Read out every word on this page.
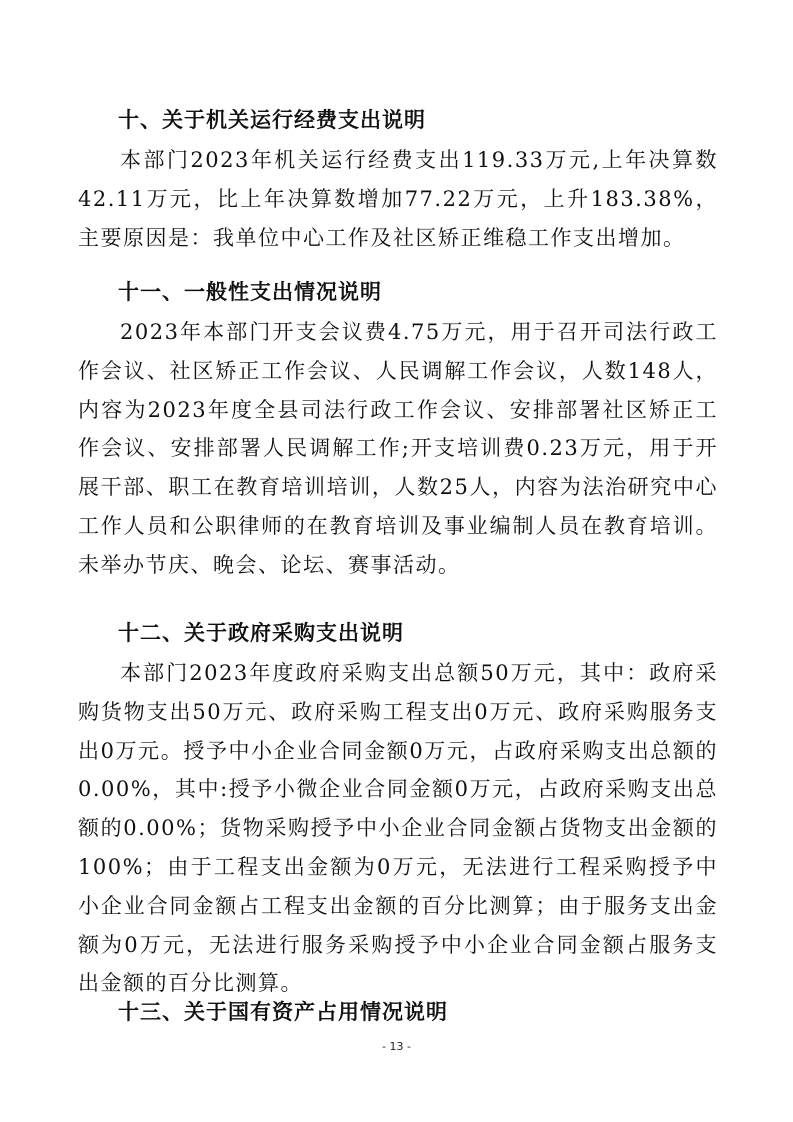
十、关于机关运行经费支出说明

本部门2023年机关运行经费支出119.33万元,上年决算数42.11万元，比上年决算数增加77.22万元，上升183.38%，主要原因是：我单位中心工作及社区矫正维稳工作支出增加。

十一、一般性支出情况说明

2023年本部门开支会议费4.75万元，用于召开司法行政工作会议、社区矫正工作会议、人民调解工作会议，人数148人，内容为2023年度全县司法行政工作会议、安排部署社区矫正工作会议、安排部署人民调解工作;开支培训费0.23万元，用于开展干部、职工在教育培训培训，人数25人，内容为法治研究中心工作人员和公职律师的在教育培训及事业编制人员在教育培训。未举办节庆、晚会、论坛、赛事活动。

十二、关于政府采购支出说明

本部门2023年度政府采购支出总额50万元，其中：政府采购货物支出50万元、政府采购工程支出0万元、政府采购服务支出0万元。授予中小企业合同金额0万元，占政府采购支出总额的0.00%，其中:授予小微企业合同金额0万元，占政府采购支出总额的0.00%；货物采购授予中小企业合同金额占货物支出金额的100%；由于工程支出金额为0万元，无法进行工程采购授予中小企业合同金额占工程支出金额的百分比测算；由于服务支出金额为0万元，无法进行服务采购授予中小企业合同金额占服务支出金额的百分比测算。

十三、关于国有资产占用情况说明
- 13 -
